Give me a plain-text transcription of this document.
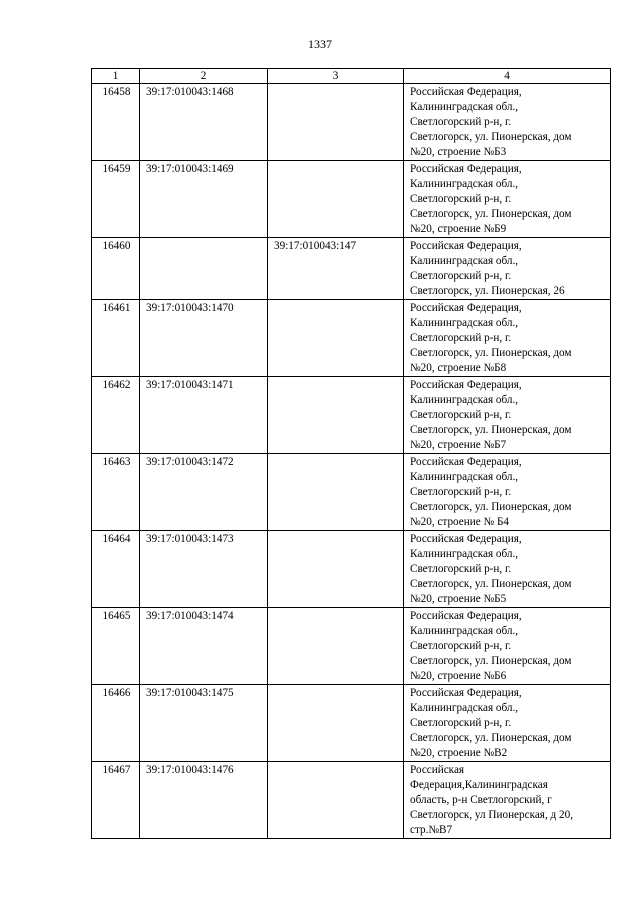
1337
1	2	3	4
16458	39:17:010043:1468		Российская Федерация,
Калининградская обл.,
Светлогорский р-н, г.
Светлогорск, ул. Пионерская, дом
№20, строение №Б3

16459	39:17:010043:1469		Российская Федерация,
Калининградская обл.,
Светлогорский р-н, г.
Светлогорск, ул. Пионерская, дом
№20, строение №Б9

16460		39:17:010043:147	Российская Федерация,
Калининградская обл.,
Светлогорский р-н, г.
Светлогорск, ул. Пионерская, 26

16461	39:17:010043:1470		Российская Федерация,
Калининградская обл.,
Светлогорский р-н, г.
Светлогорск, ул. Пионерская, дом
№20, строение №Б8

16462	39:17:010043:1471		Российская Федерация,
Калининградская обл.,
Светлогорский р-н, г.
Светлогорск, ул. Пионерская, дом
№20, строение №Б7

16463	39:17:010043:1472		Российская Федерация,
Калининградская обл.,
Светлогорский р-н, г.
Светлогорск, ул. Пионерская, дом
№20, строение № Б4

16464	39:17:010043:1473		Российская Федерация,
Калининградская обл.,
Светлогорский р-н, г.
Светлогорск, ул. Пионерская, дом
№20, строение №Б5

16465	39:17:010043:1474		Российская Федерация,
Калининградская обл.,
Светлогорский р-н, г.
Светлогорск, ул. Пионерская, дом
№20, строение №Б6

16466	39:17:010043:1475		Российская Федерация,
Калининградская обл.,
Светлогорский р-н, г.
Светлогорск, ул. Пионерская, дом
№20, строение №В2

16467	39:17:010043:1476		Российская
Федерация,Калининградская
область, р-н Светлогорский, г
Светлогорск, ул Пионерская, д 20,
стр.№В7
